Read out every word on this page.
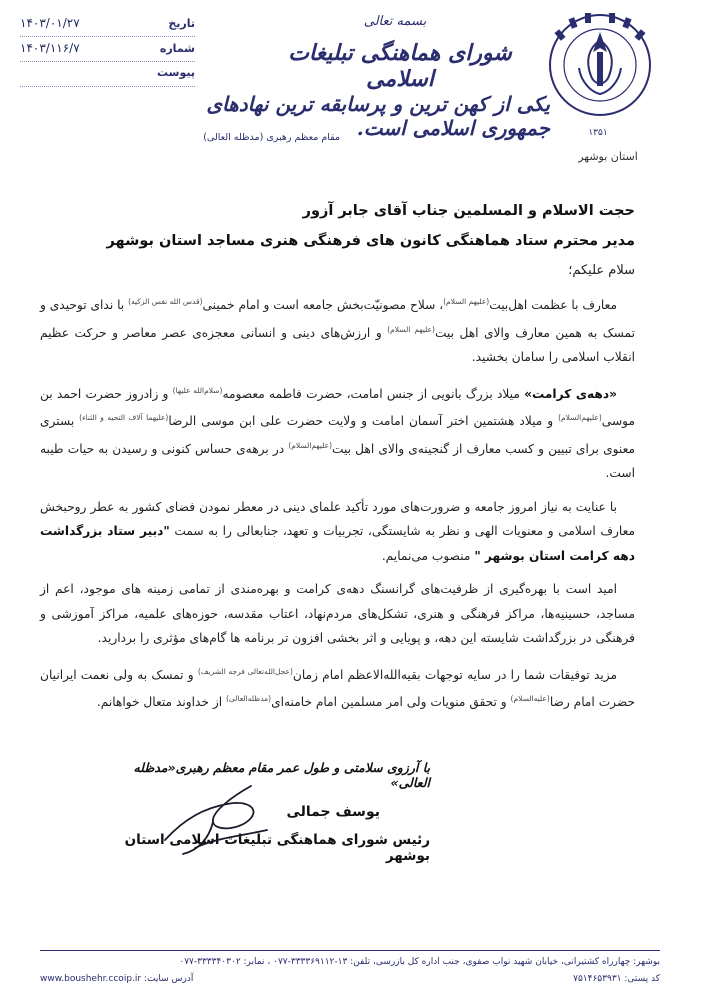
۱۳۵۱
استان بوشهر
بسمه تعالی
شورای هماهنگی تبلیغات اسلامی
یکی از کهن ترین و پرسابقه ترین نهادهای جمهوری اسلامی است.
مقام معظم رهبری (مدظله العالی)
تاریخ
۱۴۰۳/۰۱/۲۷
شماره
۱۴۰۳/۱۱۶/۷
پیوست
حجت الاسلام و المسلمین جناب آقای جابر آزور
مدیر محترم ستاد هماهنگی کانون های فرهنگی هنری مساجد استان بوشهر
سلام علیکم؛

معارف با عظمت اهل‌بیت$^{(علیهم السلام)}$، سلاح مصونیّت‌بخش جامعه است و امام خمینی$^{(قدس الله نفس الزکیه)}$ با ندای توحیدی و تمسک به همین معارف والای اهل بیت$^{(علیهم السلام)}$ و ارزش‌های دینی و انسانی معجزه‌ی عصر معاصر و حرکت عظیم انقلاب اسلامی را سامان بخشید.

«دهه‌ی کرامت» میلاد بزرگ بانویی از جنس امامت، حضرت فاطمه معصومه$^{(سلام‌الله علیها)}$ و زادروز حضرت احمد بن موسی$^{(علیهم‌السلام)}$ و میلاد هشتمین اختر آسمان امامت و ولایت حضرت علی ابن موسی الرضا$^{(علیهما آلاف التحیه و الثناء)}$ بستری معنوی برای تبیین و کسب معارف از گنجینه‌ی والای اهل بیت$^{(علیهم‌السلام)}$ در برهه‌ی حساس کنونی و رسیدن به حیات طیبه است.

با عنایت به نیاز امروز جامعه و ضرورت‌های مورد تأکید علمای دینی در معطر نمودن فضای کشور به عطر روحبخش معارف اسلامی و معنویات الهی و نظر به شایستگی، تجربیات و تعهد، جنابعالی را به سمت "دبیر ستاد بزرگداشت دهه کرامت استان بوشهر " منصوب می‌نمایم.

امید است با بهره‌گیری از ظرفیت‌های گرانسنگ دهه‌ی کرامت و بهره‌مندی از تمامی زمینه های موجود، اعم از مساجد، حسینیه‌ها، مراکز فرهنگی و هنری، تشکل‌های مردم‌نهاد، اعتاب مقدسه، حوزه‌های علمیه، مراکز آموزشی و فرهنگی در بزرگداشت شایسته این دهه، و پویایی و اثر بخشی افزون تر برنامه ها گام‌های مؤثری را بردارید.

مزید توفیقات شما را در سایه توجهات بقیه‌الله‌الاعظم امام زمان$^{(عجل‌الله‌تعالی فرجه الشریف)}$ و تمسک به ولی نعمت ایرانیان حضرت امام رضا$^{(علیه‌السلام)}$ و تحقق منویات ولی امر مسلمین امام خامنه‌ای$^{(مدظله‌العالی)}$ از خداوند متعال خواهانم.

با آرزوی سلامتی و طول عمر مقام معظم رهبری«مدظله العالی»
یوسف جمالی
رئیس شورای هماهنگی تبلیغات اسلامی استان بوشهر
بوشهر: چهارراه کشتیرانی، خیابان شهید نواب صفوی، جنب اداره کل بازرسی، تلفن: ۱۳-۳۳۳۳۶۹۱۱۲-۰۷۷ ، نمابر: ۳۳۳۳۴۰۳۰۲-۰۷۷
کد پستی: ۷۵۱۴۶۵۳۹۳۱
آدرس سایت: www.boushehr.ccoip.ir
